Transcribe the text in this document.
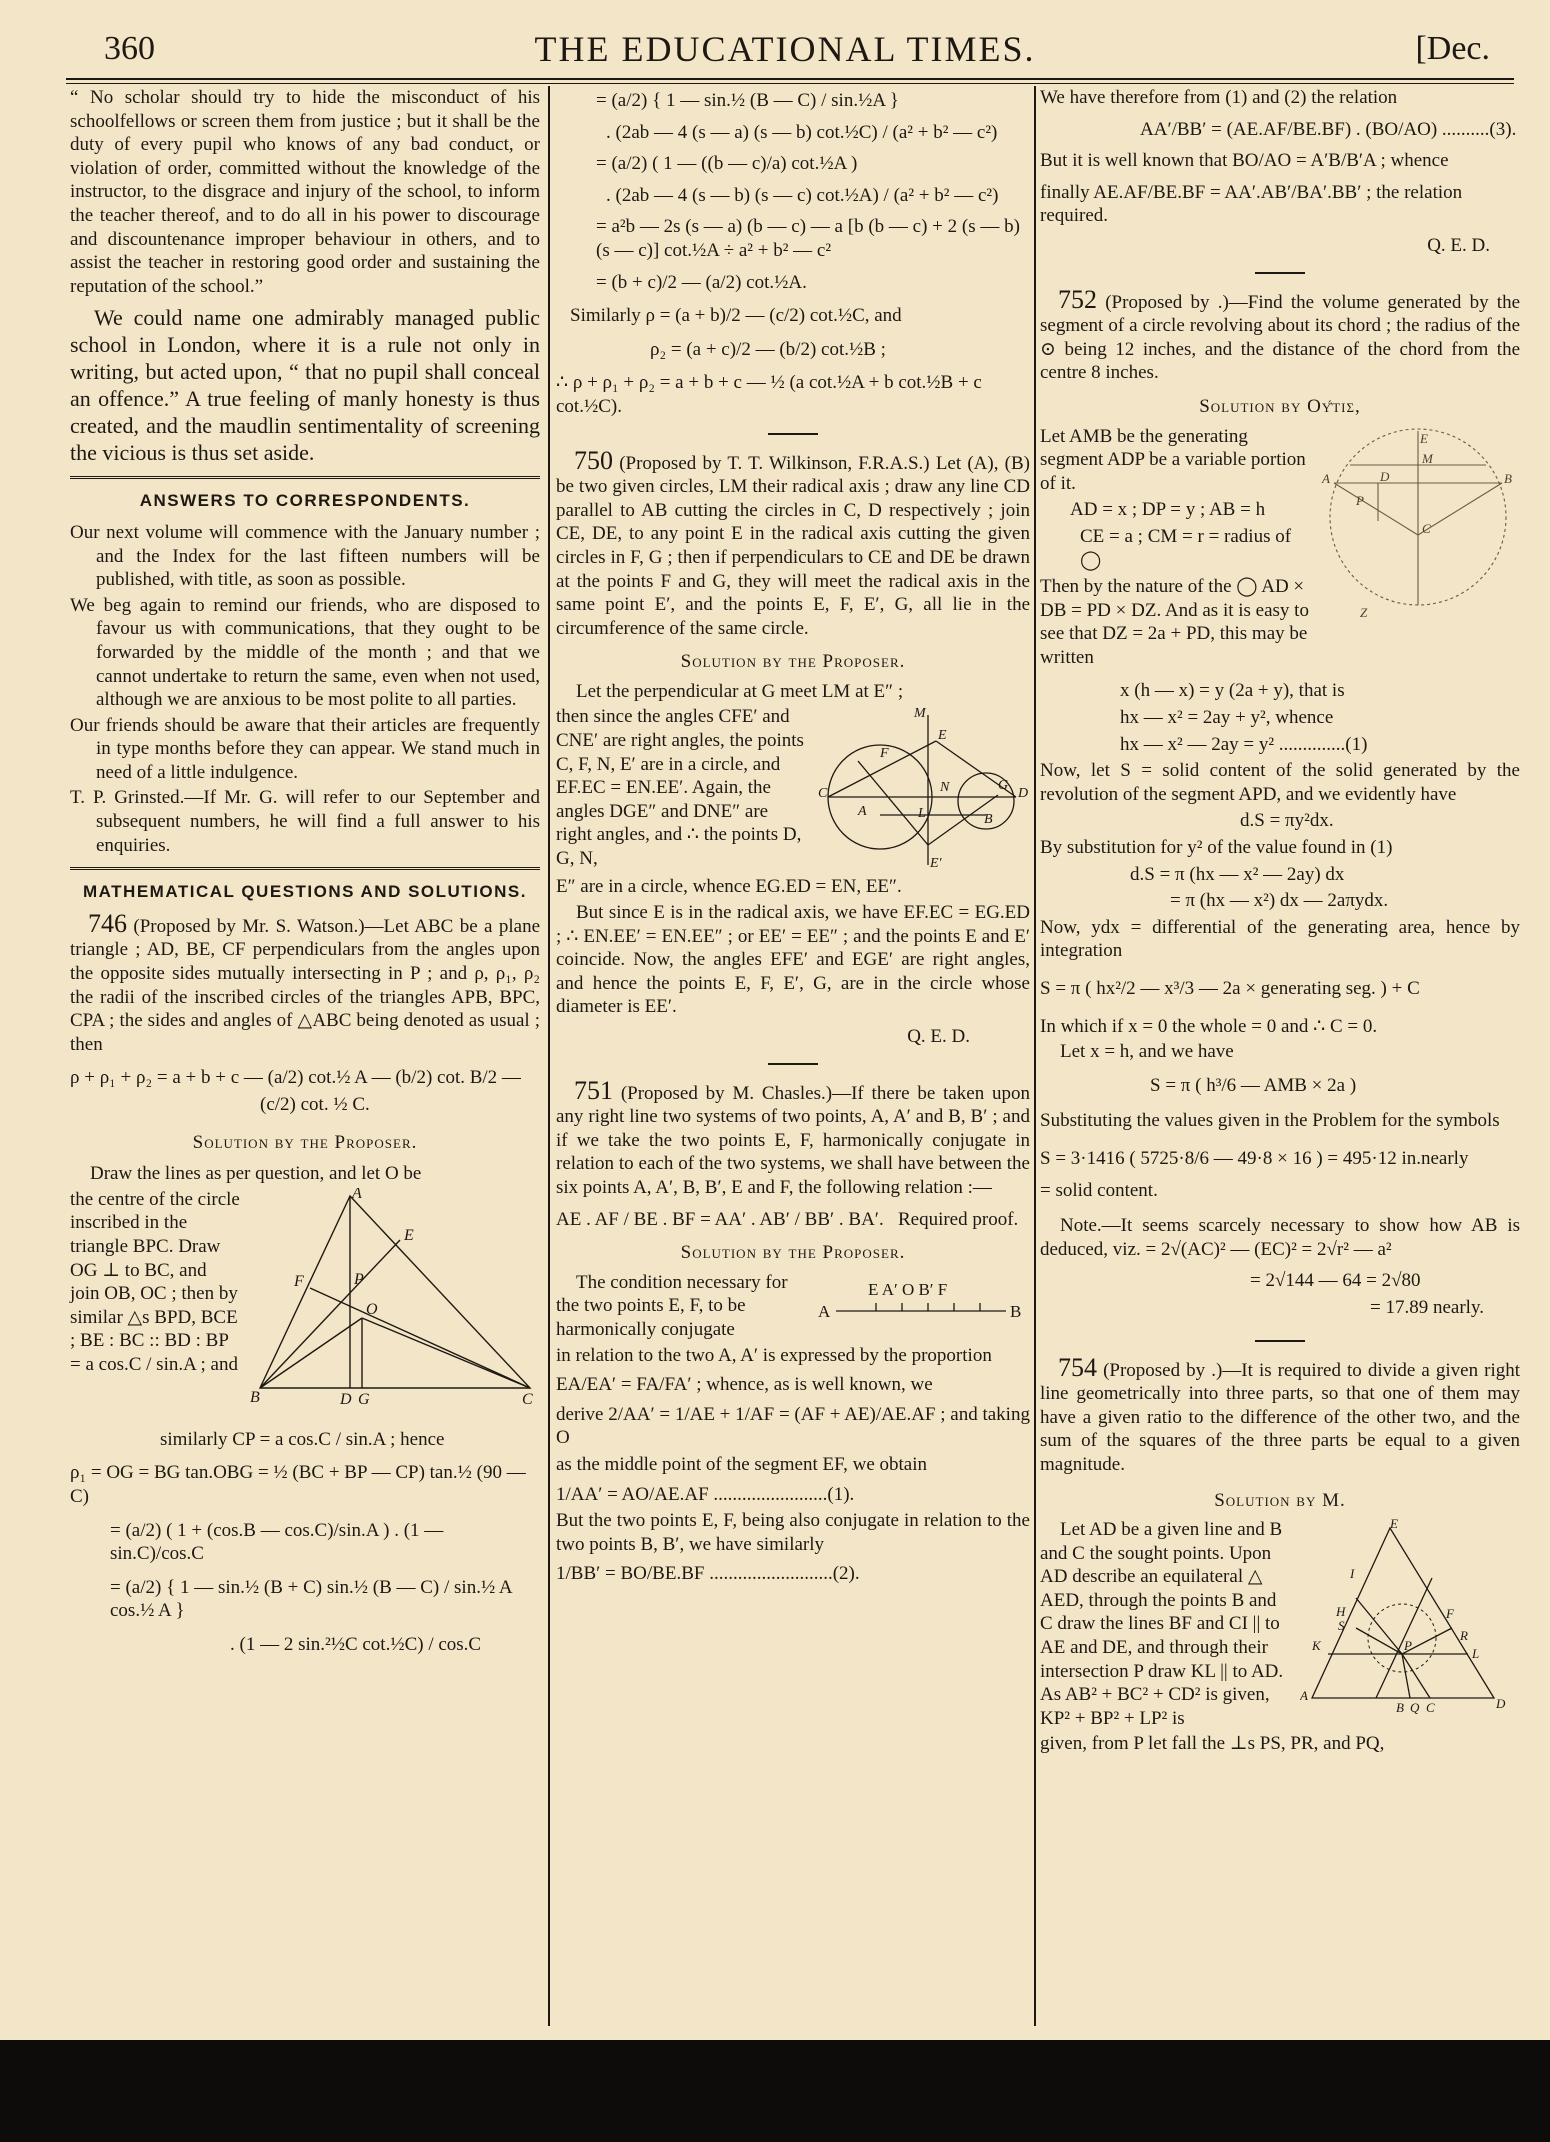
360	THE EDUCATIONAL TIMES.	[Dec.

“ No scholar should try to hide the misconduct of his schoolfellows or screen them from justice ; but it shall be the duty of every pupil who knows of any bad conduct, or violation of order, committed without the knowledge of the instructor, to the disgrace and injury of the school, to inform the teacher thereof, and to do all in his power to discourage and discountenance improper behaviour in others, and to assist the teacher in restoring good order and sustaining the reputation of the school.”

We could name one admirably managed public school in London, where it is a rule not only in writing, but acted upon, “ that no pupil shall conceal an offence.” A true feeling of manly honesty is thus created, and the maudlin sentimentality of screening the vicious is thus set aside.

ANSWERS TO CORRESPONDENTS.

Our next volume will commence with the January number ; and the Index for the last fifteen numbers will be published, with title, as soon as possible.

We beg again to remind our friends, who are disposed to favour us with communications, that they ought to be forwarded by the middle of the month ; and that we cannot undertake to return the same, even when not used, although we are anxious to be most polite to all parties.

Our friends should be aware that their articles are frequently in type months before they can appear. We stand much in need of a little indulgence.

T. P. Grinsted.—If Mr. G. will refer to our September and subsequent numbers, he will find a full answer to his enquiries.

MATHEMATICAL QUESTIONS AND SOLUTIONS.

746 (Proposed by Mr. S. Watson.)—Let ABC be a plane triangle ; AD, BE, CF perpendiculars from the angles upon the opposite sides mutually intersecting in P ; and ρ, ρ₁, ρ₂ the radii of the inscribed circles of the triangles APB, BPC, CPA ; the sides and angles of △ABC being denoted as usual ; then

ρ + ρ₁ + ρ₂ = a + b + c — (a/2) cot.½ A — (b/2) cot. B/2 —

(c/2) cot. ½ C.

Solution by the Proposer.

Draw the lines as per question, and let O be

the centre of the circle inscribed in the triangle BPC. Draw OG ⊥ to BC, and join OB, OC ; then by similar △s BPD, BCE ; BE : BC :: BD : BP = a cos.C / sin.A ; and

A
E
F	P
O
B	D G	C

similarly CP = a cos.C / sin.A ; hence

ρ₁ = OG = BG tan.OBG = ½ (BC + BP — CP) tan.½ (90 — C)

= (a/2) ( 1 + (cos.B — cos.C)/sin.A ) . (1 — sin.C)/cos.C

= (a/2) { 1 — sin.½ (B + C) sin.½ (B — C) / sin.½ A cos.½ A }

. (1 — 2 sin.²½C cot.½C) / cos.C

= (a/2) { 1 — sin.½ (B — C) / sin.½A }

. (2ab — 4 (s — a) (s — b) cot.½C) / (a² + b² — c²)

= (a/2) ( 1 — ((b — c)/a) cot.½A )

. (2ab — 4 (s — b) (s — c) cot.½A) / (a² + b² — c²)

= a²b — 2s (s — a) (b — c) — a [b (b — c) + 2 (s — b) (s — c)] cot.½A ÷ a² + b² — c²

= (b + c)/2 — (a/2) cot.½A.

Similarly ρ = (a + b)/2 — (c/2) cot.½C, and

ρ₂ = (a + c)/2 — (b/2) cot.½B ;

∴ ρ + ρ₁ + ρ₂ = a + b + c — ½ (a cot.½A + b cot.½B + c cot.½C).

750 (Proposed by T. T. Wilkinson, F.R.A.S.) Let (A), (B) be two given circles, LM their radical axis ; draw any line CD parallel to AB cutting the circles in C, D respectively ; join CE, DE, to any point E in the radical axis cutting the given circles in F, G ; then if perpendiculars to CE and DE be drawn at the points F and G, they will meet the radical axis in the same point E′, and the points E, F, E′, G, all lie in the circumference of the same circle.

Solution by the Proposer.

Let the perpendicular at G meet LM at E″ ;

then since the angles CFE′ and CNE′ are right angles, the points C, F, N, E′ are in a circle, and EF.EC = EN.EE′. Again, the angles DGE″ and DNE″ are right angles, and ∴ the points D, G, N,

M
E
F
N
C
G
D
A	L	B
E′

E″ are in a circle, whence EG.ED = EN, EE″.

But since E is in the radical axis, we have EF.EC = EG.ED ; ∴ EN.EE′ = EN.EE″ ; or EE′ = EE″ ; and the points E and E′ coincide. Now, the angles EFE′ and EGE′ are right angles, and hence the points E, F, E′, G, are in the circle whose diameter is EE′.

Q. E. D.

751 (Proposed by M. Chasles.)—If there be taken upon any right line two systems of two points, A, A′ and B, B′ ; and if we take the two points E, F, harmonically conjugate in relation to each of the two systems, we shall have between the six points A, A′, B, B′, E and F, the following relation :—

AE . AF / BE . BF = AA′ . AB′ / BB′ . BA′. Required proof.

Solution by the Proposer.

The condition necessary for the two points E, F, to be harmonically conjugate

E A′ O B′ F
A	B

in relation to the two A, A′ is expressed by the proportion

EA/EA′ = FA/FA′ ; whence, as is well known, we

derive 2/AA′ = 1/AE + 1/AF = (AF + AE)/AE.AF ; and taking O

as the middle point of the segment EF, we obtain

1/AA′ = AO/AE.AF ........................(1).

But the two points E, F, being also conjugate in relation to the two points B, B′, we have similarly

1/BB′ = BO/BE.BF ..........................(2).

We have therefore from (1) and (2) the relation

AA′/BB′ = (AE.AF/BE.BF) . (BO/AO) ..........(3).

But it is well known that BO/AO = A′B/B′A ; whence

finally AE.AF/BE.BF = AA′.AB′/BA′.BB′ ; the relation required.

Q. E. D.

752 (Proposed by .)—Find the volume generated by the segment of a circle revolving about its chord ; the radius of the ⊙ being 12 inches, and the distance of the chord from the centre 8 inches.

Solution by Οὔτις,

Let AMB be the generating segment ADP be a variable portion of it.

AD = x ; DP = y ; AB = h

CE = a ; CM = r = radius of ◯

Then by the nature of the ◯ AD × DB = PD × DZ. And as it is easy to see that DZ = 2a + PD, this may be written

A	D	B
E
C
Z
M
P

x (h — x) = y (2a + y), that is

hx — x² = 2ay + y², whence

hx — x² — 2ay = y² ..............(1)

Now, let S = solid content of the solid generated by the revolution of the segment APD, and we evidently have

d.S = πy²dx.

By substitution for y² of the value found in (1)

d.S = π (hx — x² — 2ay) dx

= π (hx — x²) dx — 2aπydx.

Now, ydx = differential of the generating area, hence by integration

S = π ( hx²/2 — x³/3 — 2a × generating seg. ) + C

In which if x = 0 the whole = 0 and ∴ C = 0.

Let x = h, and we have

S = π ( h³/6 — AMB × 2a )

Substituting the values given in the Problem for the symbols

S = 3·1416 ( 5725·8/6 — 49·8 × 16 ) = 495·12 in.nearly

= solid content.

Note.—It seems scarcely necessary to show how AB is deduced, viz. = 2√(AC)² — (EC)² = 2√r² — a²

= 2√144 — 64 = 2√80

= 17.89 nearly.

754 (Proposed by .)—It is required to divide a given right line geometrically into three parts, so that one of them may have a given ratio to the difference of the other two, and the sum of the squares of the three parts be equal to a given magnitude.

Solution by M.

Let AD be a given line and B and C the sought points. Upon AD describe an equilateral △ AED, through the points B and C draw the lines BF and CI || to AE and DE, and through their intersection P draw KL || to AD. As AB² + BC² + CD² is given, KP² + BP² + LP² is

E
I
H
S
F
R
K	P
L
A
B Q C	D

given, from P let fall the ⊥s PS, PR, and PQ,
